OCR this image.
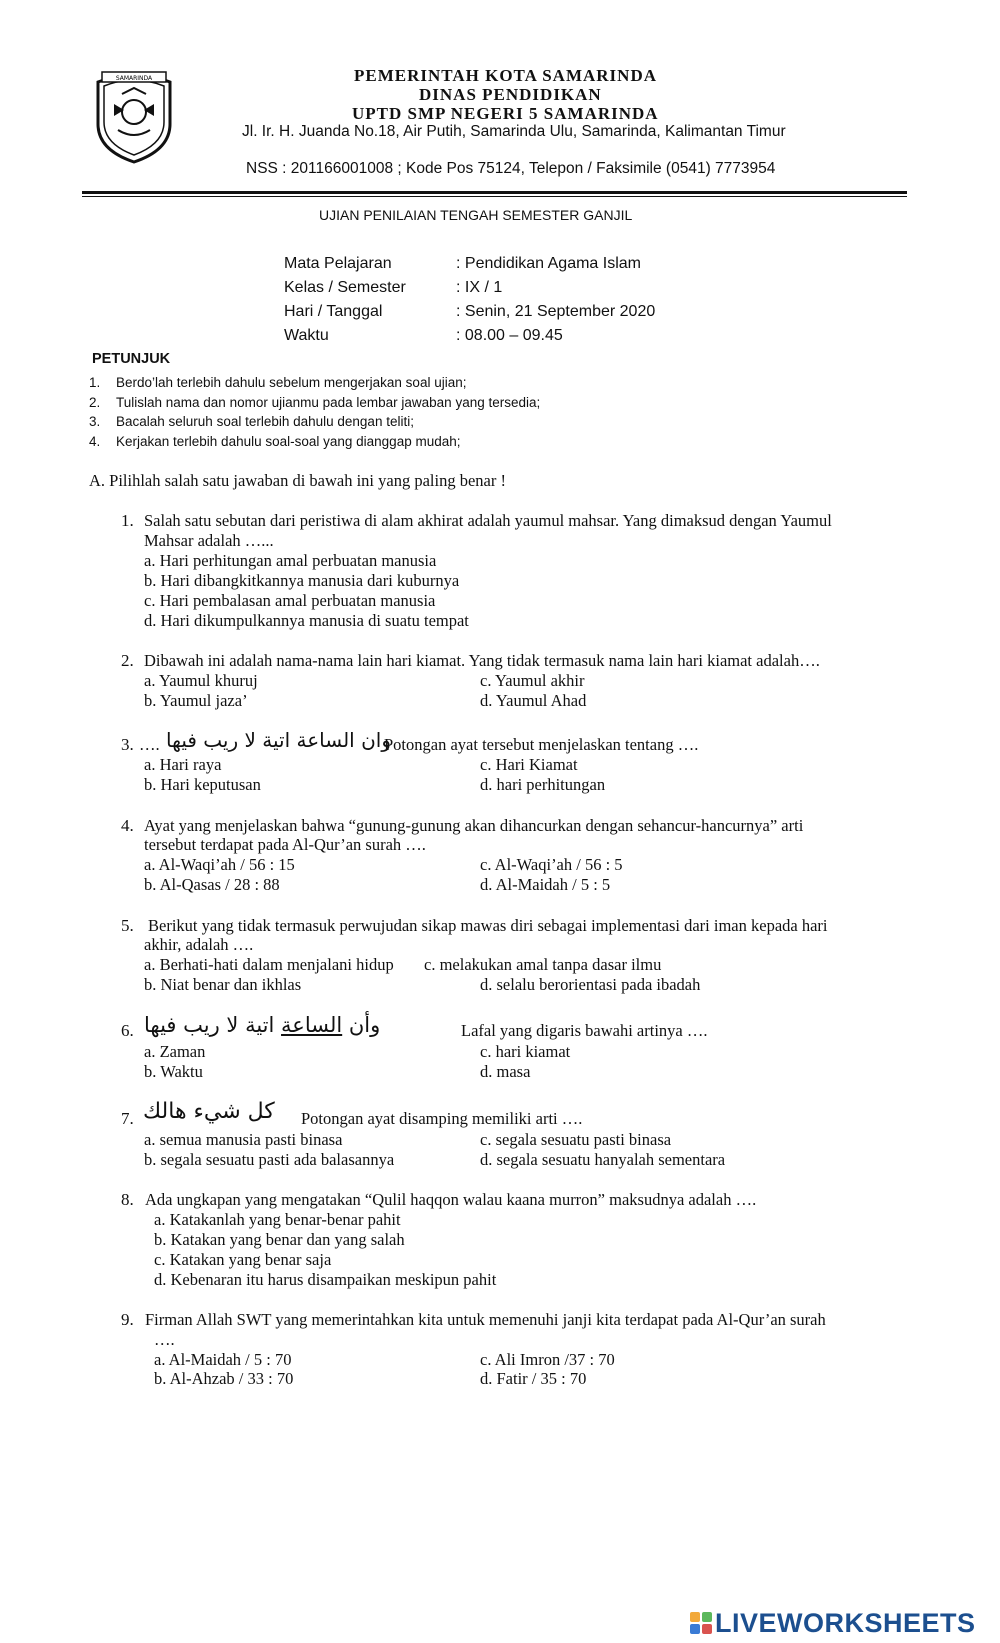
SAMARINDA	PEMERINTAH KOTA SAMARINDA
DINAS PENDIDIKAN
UPTD SMP NEGERI 5 SAMARINDA
Jl. Ir. H. Juanda No.18, Air Putih, Samarinda Ulu, Samarinda, Kalimantan Timur
NSS : 201166001008 ; Kode Pos 75124, Telepon / Faksimile (0541) 7773954
UJIAN PENILAIAN TENGAH SEMESTER GANJIL
Mata Pelajaran	: Pendidikan Agama Islam
Kelas / Semester	: IX / 1
Hari / Tanggal	: Senin, 21 September 2020
Waktu	: 08.00 – 09.45
PETUNJUK
1. Berdo’lah terlebih dahulu sebelum mengerjakan soal ujian;
2. Tulislah nama dan nomor ujianmu pada lembar jawaban yang tersedia;
3. Bacalah seluruh soal terlebih dahulu dengan teliti;
4. Kerjakan terlebih dahulu soal-soal yang dianggap mudah;
A. Pilihlah salah satu jawaban di bawah ini yang paling benar !
1. Salah satu sebutan dari peristiwa di alam akhirat adalah yaumul mahsar. Yang dimaksud dengan Yaumul
Mahsar adalah …...
a. Hari perhitungan amal perbuatan manusia
b. Hari dibangkitkannya manusia dari kuburnya
c. Hari pembalasan amal perbuatan manusia
d. Hari dikumpulkannya manusia di suatu tempat
2. Dibawah ini adalah nama-nama lain hari kiamat. Yang tidak termasuk nama lain hari kiamat adalah….
a. Yaumul khuruj
b. Yaumul jaza’
c. Yaumul akhir
d. Yaumul Ahad
3. …. وان الساعة اتية لا ريب فيها
Potongan ayat tersebut menjelaskan tentang ….
a. Hari raya
b. Hari keputusan
c. Hari Kiamat
d. hari perhitungan
4. Ayat yang menjelaskan bahwa “gunung-gunung akan dihancurkan dengan sehancur-hancurnya” arti
tersebut terdapat pada Al-Qur’an surah ….
a. Al-Waqi’ah / 56 : 15
b. Al-Qasas / 28 : 88
c. Al-Waqi’ah / 56 : 5
d. Al-Maidah / 5 : 5
5. Berikut yang tidak termasuk perwujudan sikap mawas diri sebagai implementasi dari iman kepada hari
akhir, adalah ….
a. Berhati-hati dalam menjalani hidup
b. Niat benar dan ikhlas
c. melakukan amal tanpa dasar ilmu
d. selalu berorientasi pada ibadah
6.	وأن الساعة اتية لا ريب فيها	Lafal yang digaris bawahi artinya ….
a. Zaman
b. Waktu
c. hari kiamat
d. masa
7. كل شيء هالك Potongan ayat disamping memiliki arti ….
a. semua manusia pasti binasa
b. segala sesuatu pasti ada balasannya
c. segala sesuatu pasti binasa
d. segala sesuatu hanyalah sementara
8. Ada ungkapan yang mengatakan “Qulil haqqon walau kaana murron” maksudnya adalah ….
a. Katakanlah yang benar-benar pahit
b. Katakan yang benar dan yang salah
c. Katakan yang benar saja
d. Kebenaran itu harus disampaikan meskipun pahit
9. Firman Allah SWT yang memerintahkan kita untuk memenuhi janji kita terdapat pada Al-Qur’an surah
….
a. Al-Maidah / 5 : 70
b. Al-Ahzab / 33 : 70
c. Ali Imron /37 : 70
d. Fatir / 35 : 70
LIVEWORKSHEETS
